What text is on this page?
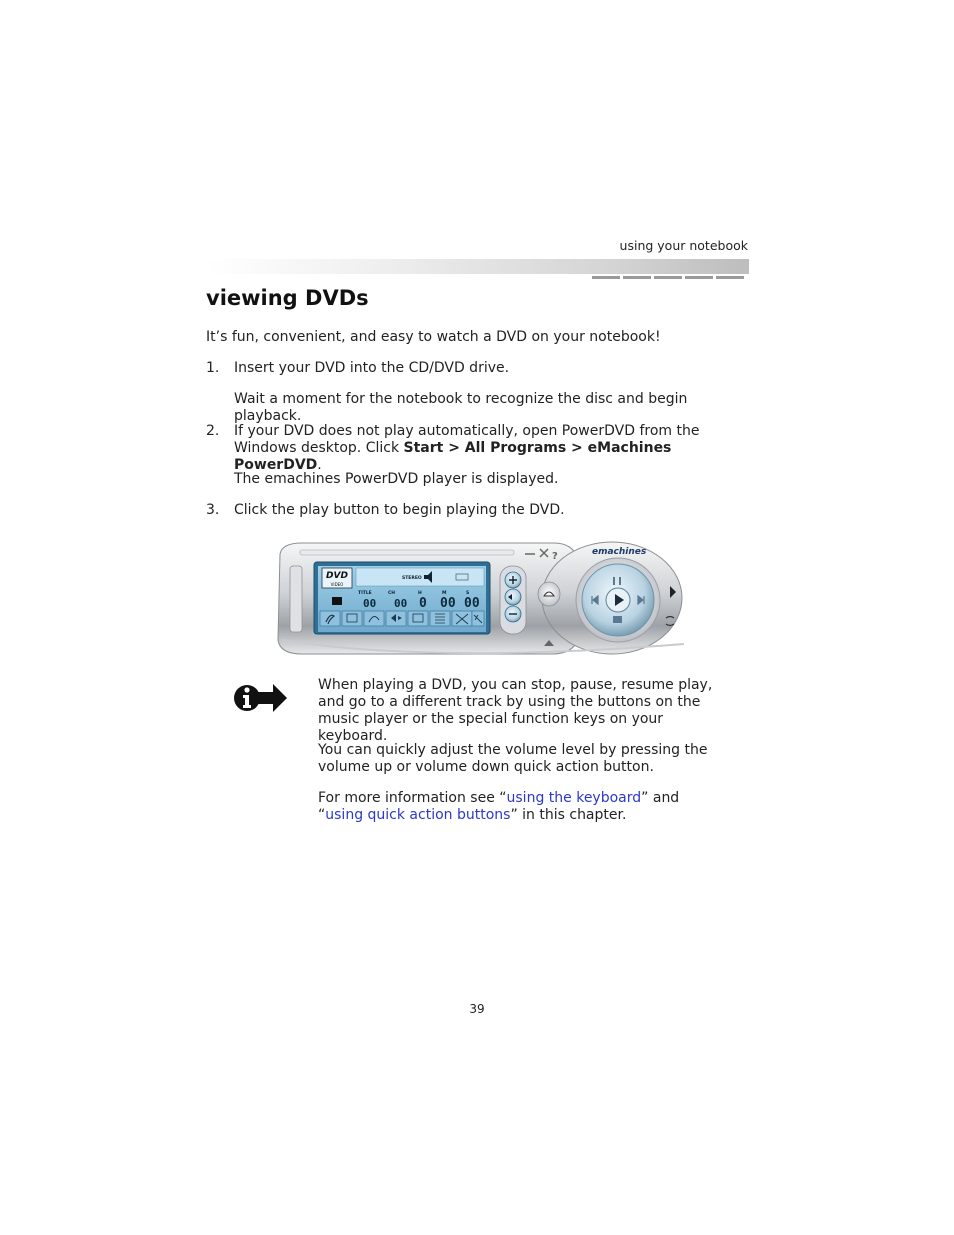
using your notebook
viewing DVDs
It’s fun, convenient, and easy to watch a DVD on your notebook!
1.	Insert your DVD into the CD/DVD drive.
Wait a moment for the notebook to recognize the disc and begin playback.
2.	If your DVD does not play automatically, open PowerDVD from the Windows desktop. Click Start > All Programs > eMachines PowerDVD.
The emachines PowerDVD player is displayed.
3.	Click the play button to begin playing the DVD.
?
DVD
VIDEO
STEREO
TITLE	CH	H	M	S
00 00 0 00 00
emachines
When playing a DVD, you can stop, pause, resume play, and go to a different track by using the buttons on the music player or the special function keys on your keyboard.
You can quickly adjust the volume level by pressing the volume up or volume down quick action button.
For more information see “using the keyboard” and “using quick action buttons” in this chapter.
39
